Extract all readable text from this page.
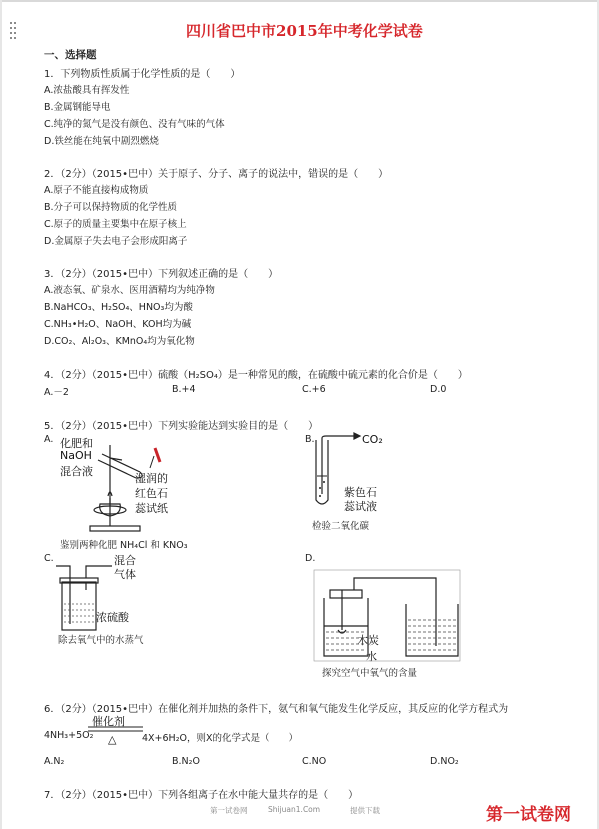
四川省巴中市2015年中考化学试卷
一、选择题
1．下列物质性质属于化学性质的是（　　）
A.浓盐酸具有挥发性
B.金属钢能导电
C.纯净的氮气是没有颜色、没有气味的气体
D.铁丝能在纯氧中剧烈燃烧
2．（2分）（2015•巴中）关于原子、分子、离子的说法中，错误的是（　　）
A.原子不能直接构成物质
B.分子可以保持物质的化学性质
C.原子的质量主要集中在原子核上
D.金属原子失去电子会形成阳离子
3．（2分）（2015•巴中）下列叙述正确的是（　　）
A.液态氧、矿泉水、医用酒精均为纯净物
B.NaHCO₃、H₂SO₄、HNO₃均为酸
C.NH₃•H₂O、NaOH、KOH均为碱
D.CO₂、Al₂O₃、KMnO₄均为氧化物
4．（2分）（2015•巴中）硫酸（H₂SO₄）是一种常见的酸，在硫酸中硫元素的化合价是（　　）
A.－2	B.+4	C.+6	D.0
5．（2分）（2015•巴中）下列实验能达到实验目的是（　　）
A. 化肥和
NaOH
混合液
湿润的
红色石
蕊试纸
鉴别两种化肥 NH₄Cl 和 KNO₃
B.	CO₂
紫色石
蕊试液
检验二氧化碳
C.	混合
气体
浓硫酸
除去氧气中的水蒸气
D.
木炭
水
探究空气中氧气的含量
6．（2分）（2015•巴中）在催化剂并加热的条件下，氨气和氧气能发生化学反应，其反应的化学方程式为
4NH₃+5O₂
催化剂
△	4X+6H₂O，则X的化学式是（　　）
A.N₂	B.N₂O	C.NO	D.NO₂
7．（2分）（2015•巴中）下列各组离子在水中能大量共存的是（　　）
第一试卷网	Shijuan1.Com	提供下载	第一试卷网
